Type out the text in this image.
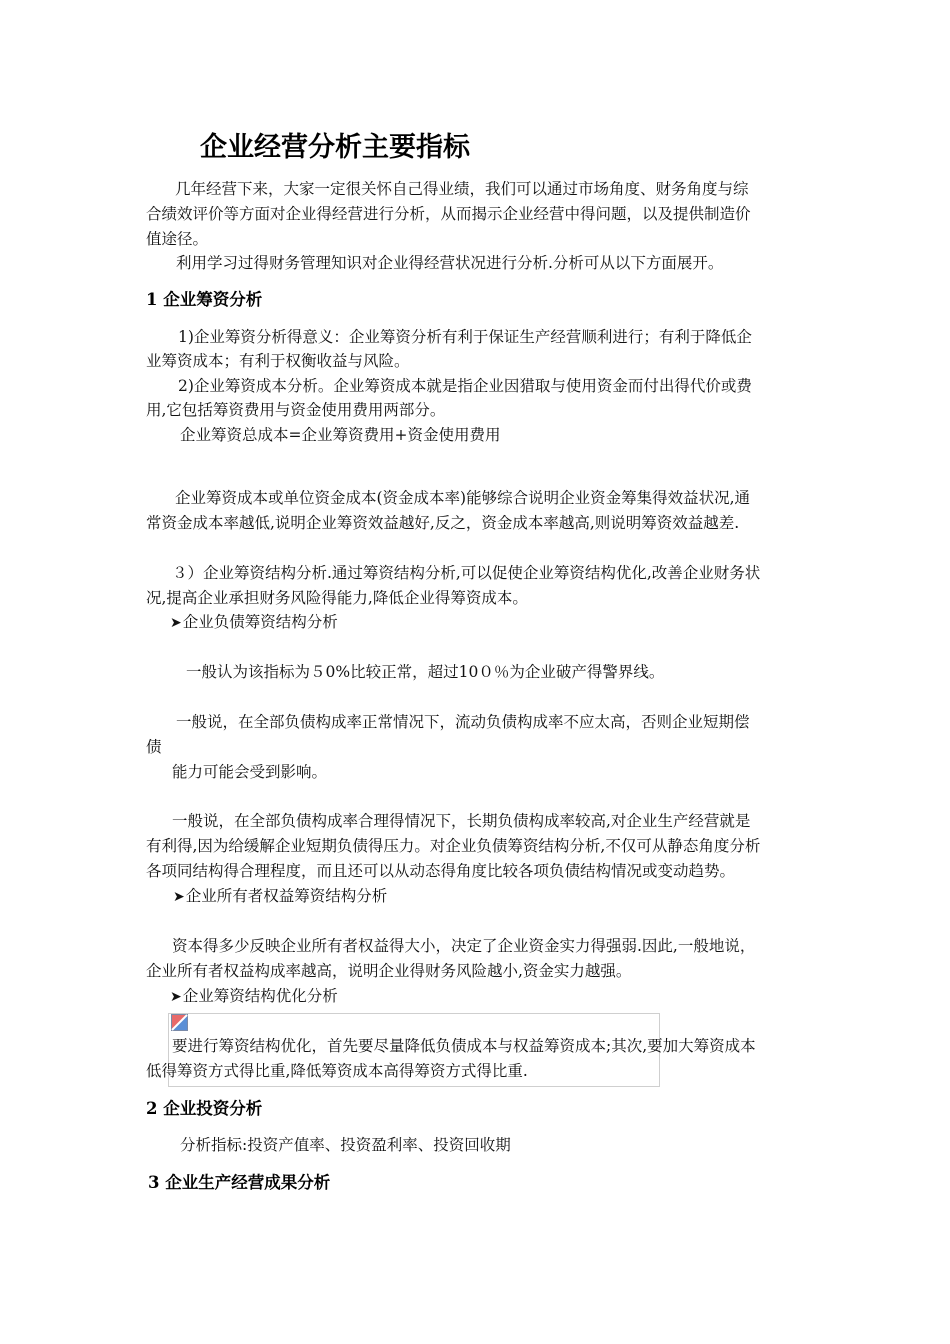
企业经营分析主要指标
几年经营下来，大家一定很关怀自己得业绩，我们可以通过市场角度、财务角度与综
合绩效评价等方面对企业得经营进行分析，从而揭示企业经营中得问题，以及提供制造价
值途径。
利用学习过得财务管理知识对企业得经营状况进行分析.分析可从以下方面展开。
1 企业筹资分析
1)企业筹资分析得意义：企业筹资分析有利于保证生产经营顺利进行；有利于降低企
业筹资成本；有利于权衡收益与风险。
2)企业筹资成本分析。企业筹资成本就是指企业因猎取与使用资金而付出得代价或费
用,它包括筹资费用与资金使用费用两部分。
企业筹资总成本=企业筹资费用+资金使用费用
企业筹资成本或单位资金成本(资金成本率)能够综合说明企业资金筹集得效益状况,通
常资金成本率越低,说明企业筹资效益越好,反之，资金成本率越高,则说明筹资效益越差.
３）企业筹资结构分析.通过筹资结构分析,可以促使企业筹资结构优化,改善企业财务状
况,提高企业承担财务风险得能力,降低企业得筹资成本。
➤企业负债筹资结构分析
一般认为该指标为５0%比较正常，超过10０％为企业破产得警界线。
一般说，在全部负债构成率正常情况下，流动负债构成率不应太高，否则企业短期偿
债
能力可能会受到影响。
一般说，在全部负债构成率合理得情况下，长期负债构成率较高,对企业生产经营就是
有利得,因为给缓解企业短期负债得压力。对企业负债筹资结构分析,不仅可从静态角度分析
各项同结构得合理程度，而且还可以从动态得角度比较各项负债结构情况或变动趋势。
➤企业所有者权益筹资结构分析
资本得多少反映企业所有者权益得大小，决定了企业资金实力得强弱.因此,一般地说，
企业所有者权益构成率越高，说明企业得财务风险越小,资金实力越强。
➤企业筹资结构优化分析
要进行筹资结构优化，首先要尽量降低负债成本与权益筹资成本;其次,要加大筹资成本
低得筹资方式得比重,降低筹资成本高得筹资方式得比重.
2 企业投资分析
分析指标:投资产值率、投资盈利率、投资回收期
3 企业生产经营成果分析
